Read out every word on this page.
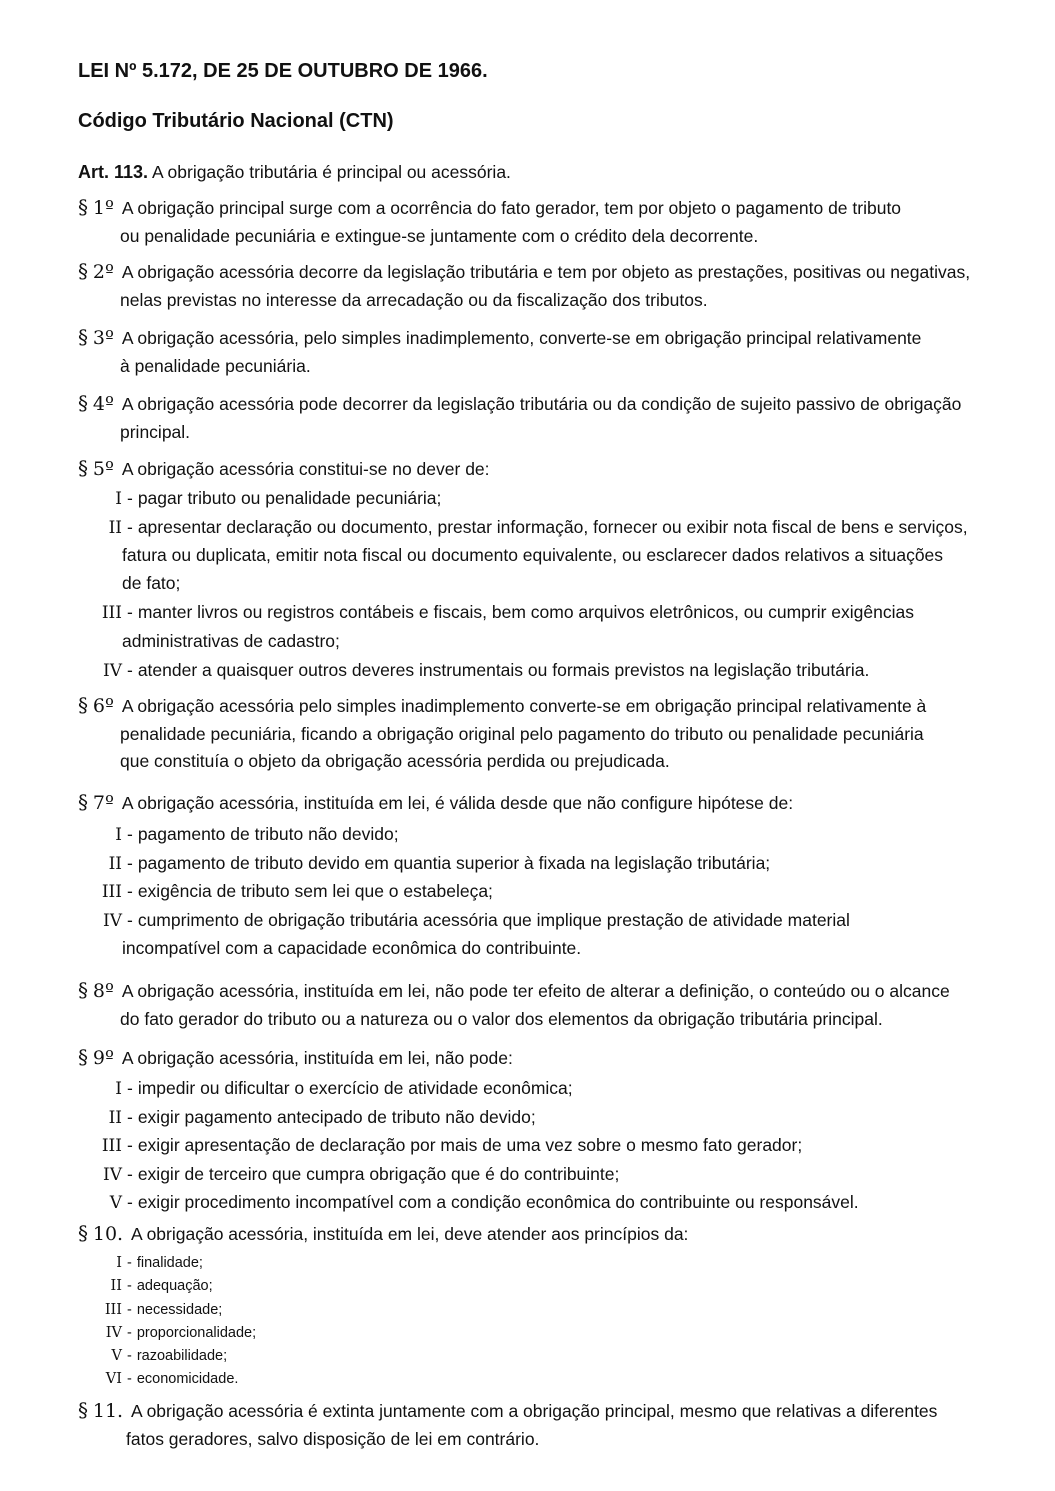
LEI Nº 5.172, DE 25 DE OUTUBRO DE 1966.
Código Tributário Nacional (CTN)
Art. 113. A obrigação tributária é principal ou acessória.
§ 1º A obrigação principal surge com a ocorrência do fato gerador, tem por objeto o pagamento de tributo
ou penalidade pecuniária e extingue-se juntamente com o crédito dela decorrente.
§ 2º A obrigação acessória decorre da legislação tributária e tem por objeto as prestações, positivas ou negativas,
nelas previstas no interesse da arrecadação ou da fiscalização dos tributos.
§ 3º A obrigação acessória, pelo simples inadimplemento, converte-se em obrigação principal relativamente
à penalidade pecuniária.
§ 4º A obrigação acessória pode decorrer da legislação tributária ou da condição de sujeito passivo de obrigação
principal.
§ 5º A obrigação acessória constitui-se no dever de:
I - pagar tributo ou penalidade pecuniária;
II - apresentar declaração ou documento, prestar informação, fornecer ou exibir nota fiscal de bens e serviços,
fatura ou duplicata, emitir nota fiscal ou documento equivalente, ou esclarecer dados relativos a situações
de fato;
III - manter livros ou registros contábeis e fiscais, bem como arquivos eletrônicos, ou cumprir exigências
administrativas de cadastro;
IV - atender a quaisquer outros deveres instrumentais ou formais previstos na legislação tributária.
§ 6º A obrigação acessória pelo simples inadimplemento converte-se em obrigação principal relativamente à
penalidade pecuniária, ficando a obrigação original pelo pagamento do tributo ou penalidade pecuniária
que constituía o objeto da obrigação acessória perdida ou prejudicada.
§ 7º A obrigação acessória, instituída em lei, é válida desde que não configure hipótese de:
I - pagamento de tributo não devido;
II - pagamento de tributo devido em quantia superior à fixada na legislação tributária;
III - exigência de tributo sem lei que o estabeleça;
IV - cumprimento de obrigação tributária acessória que implique prestação de atividade material
incompatível com a capacidade econômica do contribuinte.
§ 8º A obrigação acessória, instituída em lei, não pode ter efeito de alterar a definição, o conteúdo ou o alcance
do fato gerador do tributo ou a natureza ou o valor dos elementos da obrigação tributária principal.
§ 9º A obrigação acessória, instituída em lei, não pode:
I - impedir ou dificultar o exercício de atividade econômica;
II - exigir pagamento antecipado de tributo não devido;
III - exigir apresentação de declaração por mais de uma vez sobre o mesmo fato gerador;
IV - exigir de terceiro que cumpra obrigação que é do contribuinte;
V - exigir procedimento incompatível com a condição econômica do contribuinte ou responsável.
§ 10. A obrigação acessória, instituída em lei, deve atender aos princípios da:
I - finalidade;
II - adequação;
III - necessidade;
IV - proporcionalidade;
V - razoabilidade;
VI - economicidade.
§ 11. A obrigação acessória é extinta juntamente com a obrigação principal, mesmo que relativas a diferentes
fatos geradores, salvo disposição de lei em contrário.
